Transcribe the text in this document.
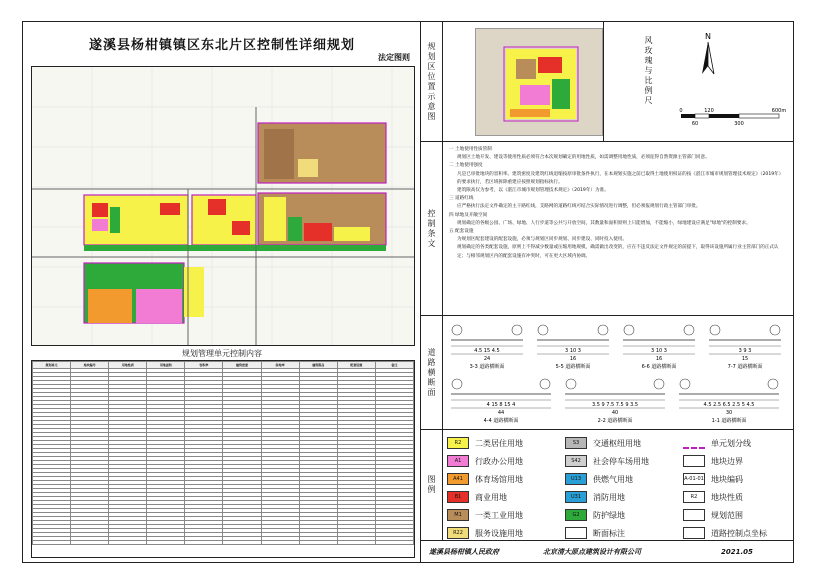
遂溪县杨柑镇镇区东北片区控制性详细规划
法定图则
规划管理单元控制内容
规划单元	地块编号	用地性质	用地面积	容积率	建筑密度	绿地率	建筑限高	配套设施	备注

规划区位置示意图	风玫瑰与比例尺	N
0	120	600m
60	300
控制条文

一 土地使用性质管制

规划区土地开发、建设等使用性质必须符合本次规划确定的用地性质，如需调整用地性质，必须征得自然资源主管部门同意。

二 土地使用强度

凡是已审批地块的容积率、建筑密度及建筑红线退缩按原审批条件执行，在本规划实施之前已取得土地使用权证的按《湛江市城市规划管理技术规定》（2019年）的要求执行，若区域拆除重建应按照规划指标执行。

建筑限高仅为参考，以《湛江市城市规划管理技术规定》（2019年）为准。

三 道路红线

应严格执行法定文件确定的主干路红线，支路网的道路红线可结合实际情况进行调整，但必须报规划行政主管部门审批。

四 绿地及开敞空间

规划确定的各级公园、广场、绿地、人行步道等公共与开放空间，其数量和面积原则上只能增加，不能缩小，绿地建设应满足"绿地"的控制要求。

五 配套设施

为规划区配套建设的配套设施，必须与规划区同步规划、同步建设、同时投入使用。

规划确定的各类配套设施，原则上不得减少数量或压缩用地规模，确需做出改变的，应在不违反法定文件规定的前提下，取得该设施所属行业主管部门的正式认定；与相邻规划区内的配套设施有冲突时，可在更大区域内协调。

道路横断面	4.5 15 4.5
24
3-3 道路横断面
3 10 3
16
5-5 道路横断面
3 10 3
16
6-6 道路横断面
3 9 3
15
7-7 道路横断面
4 15 8 15 4
44
4-4 道路横断面
3.5 9 7.5 7.5 9 3.5
40
2-2 道路横断面
4.5 2.5 6.5 2.5 5 4.5
30
1-1 道路横断面
图例
R2	二类居住用地
A1	行政办公用地
A41	体育场馆用地
B1	商业用地
M1	一类工业用地
R22	服务设施用地
S3	交通枢纽用地
S42	社会停车场用地
U13	供燃气用地
U31	消防用地
G2	防护绿地
断面标注
单元划分线
地块边界
A-01-01 地块编码
R2	地块性质
规划范围
道路控制点坐标
遂溪县杨柑镇人民政府	北京清大原点建筑设计有限公司	2021.05
